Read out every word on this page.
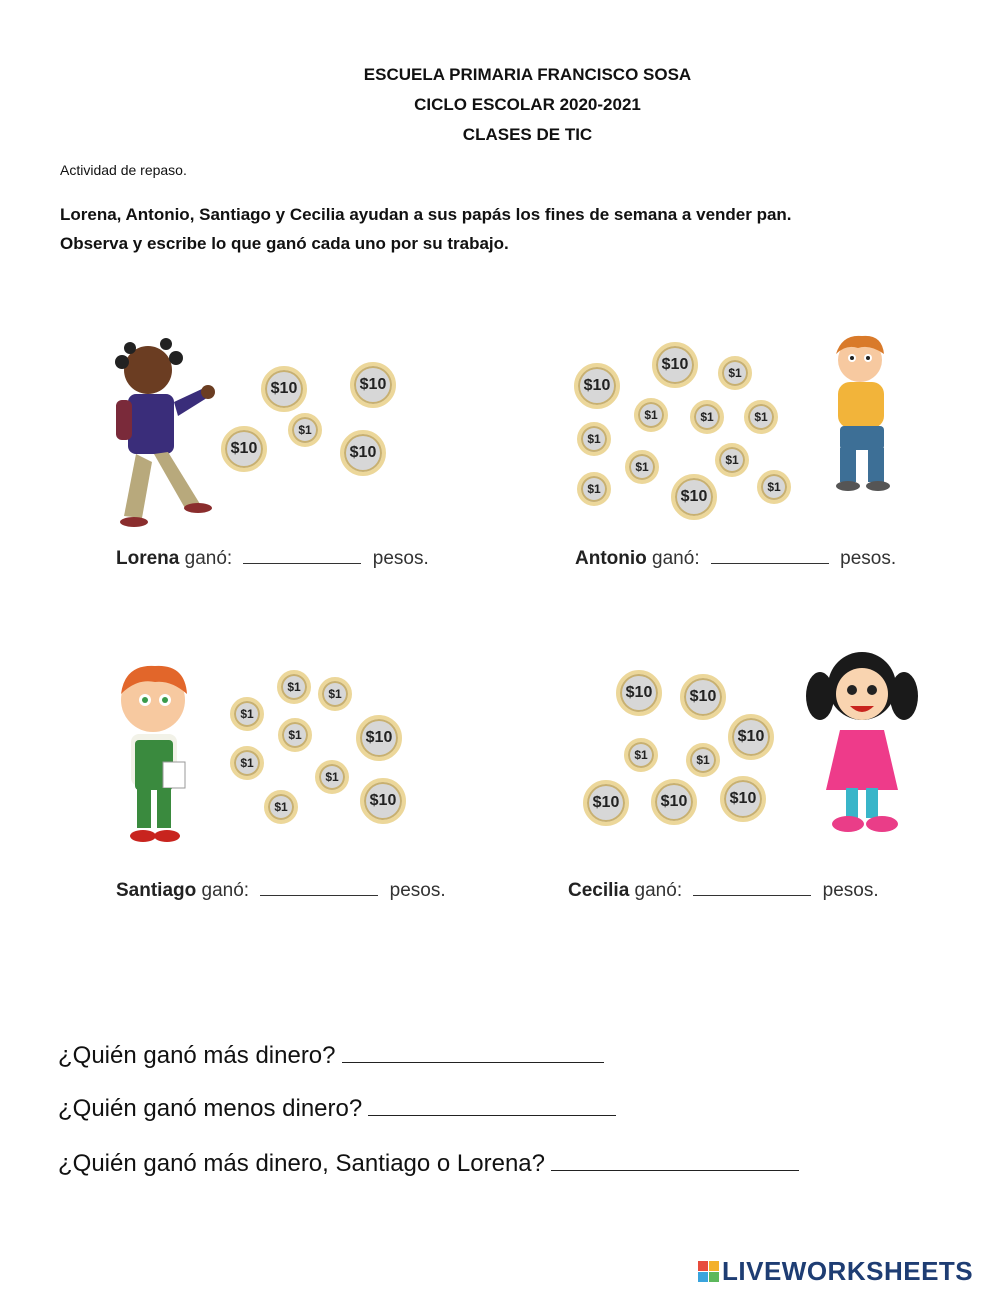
ESCUELA PRIMARIA FRANCISCO SOSA
CICLO ESCOLAR 2020-2021
CLASES DE TIC
Actividad de repaso.
Lorena, Antonio, Santiago y Cecilia ayudan a sus papás los fines de semana a vender pan.
Observa y escribe lo que ganó cada uno por su trabajo.
$10	$10
$1
$10	$10
Lorena ganó:	pesos.
$10
$10	$1
$1	$1	$1
$1
$1	$1
$1	$1
$10
Antonio ganó:	pesos.
$1	$1
$1
$1	$10
$1
$1
$1	$10
Santiago ganó:	pesos.
$10	$10
$10
$1	$1
$10	$10	$10
Cecilia ganó:	pesos.
¿Quién ganó más dinero?
¿Quién ganó menos dinero?
¿Quién ganó más dinero, Santiago o Lorena?
LIVEWORKSHEETS
